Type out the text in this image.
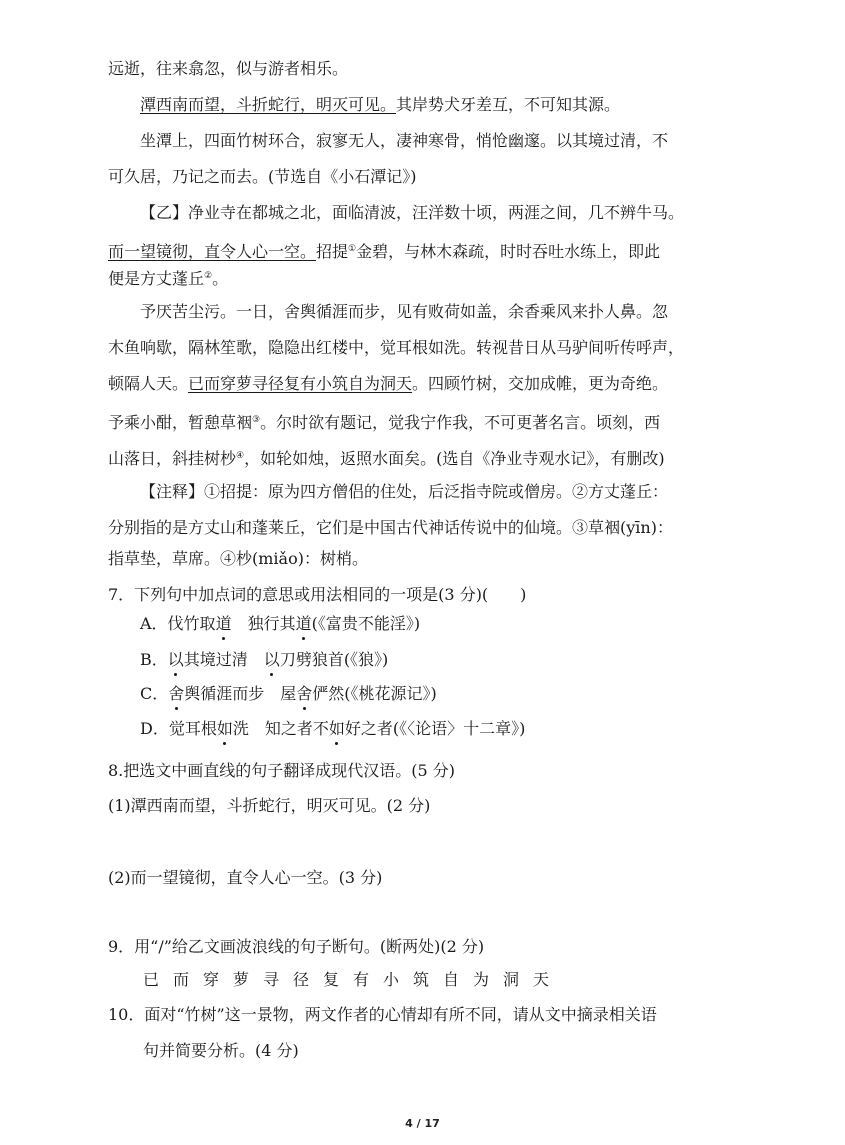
远逝，往来翕忽，似与游者相乐。
潭西南而望，斗折蛇行，明灭可见。其岸势犬牙差互，不可知其源。
坐潭上，四面竹树环合，寂寥无人，凄神寒骨，悄怆幽邃。以其境过清，不
可久居，乃记之而去。(节选自《小石潭记》)
【乙】净业寺在都城之北，面临清波，汪洋数十顷，两涯之间，几不辨牛马。
而一望镜彻，直令人心一空。招提①金碧，与林木森疏，时时吞吐水练上，即此
便是方丈蓬丘②。
予厌苦尘污。一日，舍舆循涯而步，见有败荷如盖，余香乘风来扑人鼻。忽
木鱼响歇，隔林笙歌，隐隐出红楼中，觉耳根如洗。转视昔日从马驴间听传呼声，
顿隔人天。已而穿萝寻径复有小筑自为洞天。四顾竹树，交加成帷，更为奇绝。
予乘小酣，暂憩草裀③。尔时欲有题记，觉我宁作我，不可更著名言。顷刻，西
山落日，斜挂树杪④，如轮如烛，返照水面矣。(选自《净业寺观水记》，有删改)
【注释】①招提：原为四方僧侣的住处，后泛指寺院或僧房。②方丈蓬丘：
分别指的是方丈山和蓬莱丘，它们是中国古代神话传说中的仙境。③草裀(yīn)：
指草垫，草席。④杪(miǎo)：树梢。
7．下列句中加点词的意思或用法相同的一项是(3 分)(　　)
A．伐竹取道　独行其道(《富贵不能淫》)
B．以其境过清　以刀劈狼首(《狼》)
C．舍舆循涯而步　屋舍俨然(《桃花源记》)
D．觉耳根如洗　知之者不如好之者(《〈论语〉十二章》)
8.把选文中画直线的句子翻译成现代汉语。(5 分)
(1)潭西南而望，斗折蛇行，明灭可见。(2 分)
(2)而一望镜彻，直令人心一空。(3 分)
9．用“/”给乙文画波浪线的句子断句。(断两处)(2 分)
已而穿萝寻径复有小筑自为洞天
10．面对“竹树”这一景物，两文作者的心情却有所不同，请从文中摘录相关语
句并简要分析。(4 分)
4 / 17
